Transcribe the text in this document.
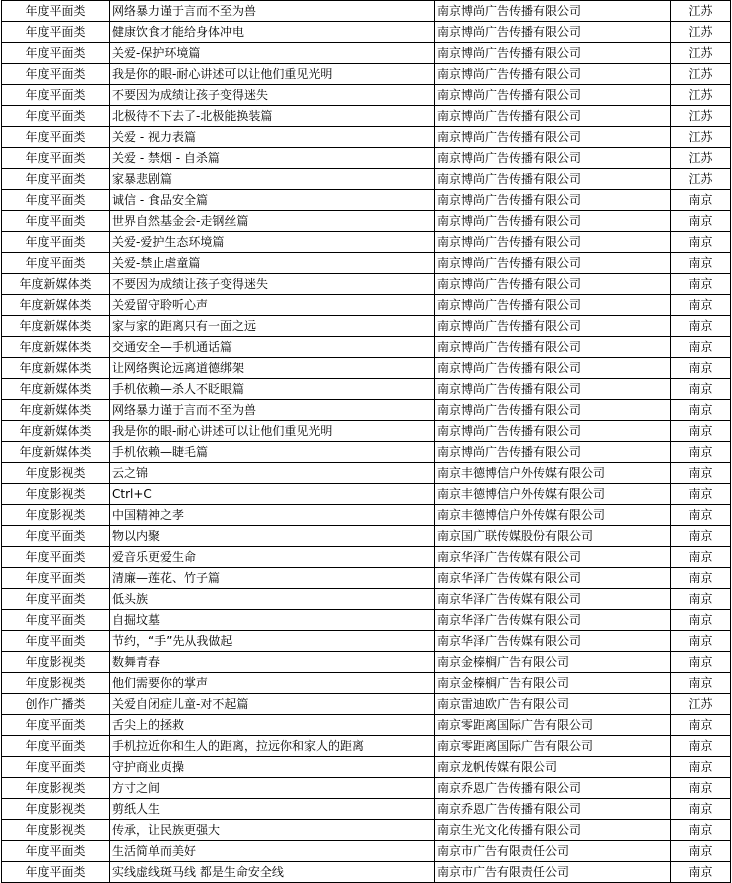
年度平面类	网络暴力谨于言而不至为兽	南京博尚广告传播有限公司	江苏
年度平面类	健康饮食才能给身体冲电	南京博尚广告传播有限公司	江苏
年度平面类	关爱-保护环境篇	南京博尚广告传播有限公司	江苏
年度平面类	我是你的眼-耐心讲述可以让他们重见光明	南京博尚广告传播有限公司	江苏
年度平面类	不要因为成绩让孩子变得迷失	南京博尚广告传播有限公司	江苏
年度平面类	北极待不下去了-北极能换装篇	南京博尚广告传播有限公司	江苏
年度平面类	关爱 - 视力表篇	南京博尚广告传播有限公司	江苏
年度平面类	关爱 - 禁烟 - 自杀篇	南京博尚广告传播有限公司	江苏
年度平面类	家暴悲剧篇	南京博尚广告传播有限公司	江苏
年度平面类	诚信 - 食品安全篇	南京博尚广告传播有限公司	南京
年度平面类	世界自然基金会-走钢丝篇	南京博尚广告传播有限公司	南京
年度平面类	关爱-爱护生态环境篇	南京博尚广告传播有限公司	南京
年度平面类	关爱-禁止虐童篇	南京博尚广告传播有限公司	南京
年度新媒体类	不要因为成绩让孩子变得迷失	南京博尚广告传播有限公司	南京
年度新媒体类	关爱留守聆听心声	南京博尚广告传播有限公司	南京
年度新媒体类	家与家的距离只有一面之远	南京博尚广告传播有限公司	南京
年度新媒体类	交通安全—手机通话篇	南京博尚广告传播有限公司	南京
年度新媒体类	让网络舆论远离道德绑架	南京博尚广告传播有限公司	南京
年度新媒体类	手机依赖—杀人不眨眼篇	南京博尚广告传播有限公司	南京
年度新媒体类	网络暴力谨于言而不至为兽	南京博尚广告传播有限公司	南京
年度新媒体类	我是你的眼-耐心讲述可以让他们重见光明	南京博尚广告传播有限公司	南京
年度新媒体类	手机依赖—睫毛篇	南京博尚广告传播有限公司	南京
年度影视类	云之锦	南京丰德博信户外传媒有限公司	南京
年度影视类	Ctrl+C	南京丰德博信户外传媒有限公司	南京
年度影视类	中国精神之孝	南京丰德博信户外传媒有限公司	南京
年度平面类	物以内聚	南京国广联传媒股份有限公司	南京
年度平面类	爱音乐更爱生命	南京华泽广告传媒有限公司	南京
年度平面类	清廉—莲花、竹子篇	南京华泽广告传媒有限公司	南京
年度平面类	低头族	南京华泽广告传媒有限公司	南京
年度平面类	自掘坟墓	南京华泽广告传媒有限公司	南京
年度平面类	节约，“手”先从我做起	南京华泽广告传媒有限公司	南京
年度影视类	数舞青春	南京金榛榈广告有限公司	南京
年度影视类	他们需要你的掌声	南京金榛榈广告有限公司	南京
创作广播类	关爱自闭症儿童-对不起篇	南京雷迪欧广告有限公司	江苏
年度平面类	舌尖上的拯救	南京零距离国际广告有限公司	南京
年度平面类	手机拉近你和生人的距离，拉远你和家人的距离	南京零距离国际广告有限公司	南京
年度平面类	守护商业贞操	南京龙帆传媒有限公司	南京
年度影视类	方寸之间	南京乔恩广告传播有限公司	南京
年度影视类	剪纸人生	南京乔恩广告传播有限公司	南京
年度影视类	传承，让民族更强大	南京生光文化传播有限公司	南京
年度平面类	生活简单而美好	南京市广告有限责任公司	南京
年度平面类	实线虚线斑马线 都是生命安全线	南京市广告有限责任公司	南京
